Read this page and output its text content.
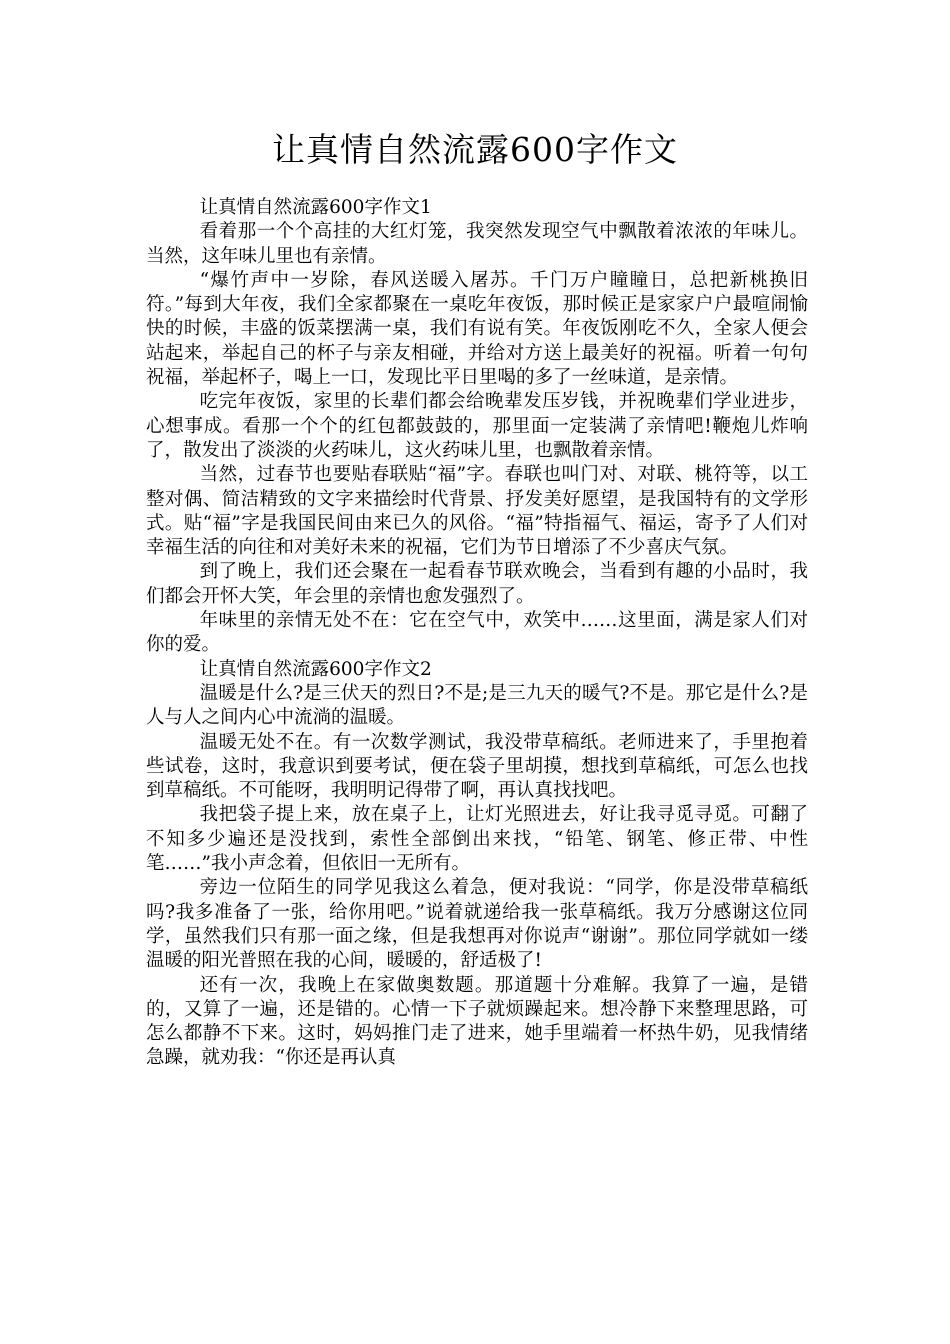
让真情自然流露600字作文

让真情自然流露600字作文1

看着那一个个高挂的大红灯笼，我突然发现空气中飘散着浓浓的年味儿。当然，这年味儿里也有亲情。

“爆竹声中一岁除，春风送暖入屠苏。千门万户瞳瞳日，总把新桃换旧符。”每到大年夜，我们全家都聚在一桌吃年夜饭，那时候正是家家户户最喧闹愉快的时候，丰盛的饭菜摆满一桌，我们有说有笑。年夜饭刚吃不久，全家人便会站起来，举起自己的杯子与亲友相碰，并给对方送上最美好的祝福。听着一句句祝福，举起杯子，喝上一口，发现比平日里喝的多了一丝味道，是亲情。

吃完年夜饭，家里的长辈们都会给晚辈发压岁钱，并祝晚辈们学业进步，心想事成。看那一个个的红包都鼓鼓的，那里面一定装满了亲情吧!鞭炮儿炸响了，散发出了淡淡的火药味儿，这火药味儿里，也飘散着亲情。

当然，过春节也要贴春联贴“福”字。春联也叫门对、对联、桃符等，以工整对偶、简洁精致的文字来描绘时代背景、抒发美好愿望，是我国特有的文学形式。贴“福”字是我国民间由来已久的风俗。“福”特指福气、福运，寄予了人们对幸福生活的向往和对美好未来的祝福，它们为节日增添了不少喜庆气氛。

到了晚上，我们还会聚在一起看春节联欢晚会，当看到有趣的小品时，我们都会开怀大笑，年会里的亲情也愈发强烈了。

年味里的亲情无处不在：它在空气中，欢笑中……这里面，满是家人们对你的爱。

让真情自然流露600字作文2

温暖是什么?是三伏天的烈日?不是;是三九天的暖气?不是。那它是什么?是人与人之间内心中流淌的温暖。

温暖无处不在。有一次数学测试，我没带草稿纸。老师进来了，手里抱着些试卷，这时，我意识到要考试，便在袋子里胡摸，想找到草稿纸，可怎么也找到草稿纸。不可能呀，我明明记得带了啊，再认真找找吧。

我把袋子提上来，放在桌子上，让灯光照进去，好让我寻觅寻觅。可翻了不知多少遍还是没找到，索性全部倒出来找，“铅笔、钢笔、修正带、中性笔……”我小声念着，但依旧一无所有。

旁边一位陌生的同学见我这么着急，便对我说：“同学，你是没带草稿纸吗?我多准备了一张，给你用吧。”说着就递给我一张草稿纸。我万分感谢这位同学，虽然我们只有那一面之缘，但是我想再对你说声“谢谢”。那位同学就如一缕温暖的阳光普照在我的心间，暖暖的，舒适极了!

还有一次，我晚上在家做奥数题。那道题十分难解。我算了一遍，是错的，又算了一遍，还是错的。心情一下子就烦躁起来。想冷静下来整理思路，可怎么都静不下来。这时，妈妈推门走了进来，她手里端着一杯热牛奶，见我情绪急躁，就劝我：“你还是再认真
